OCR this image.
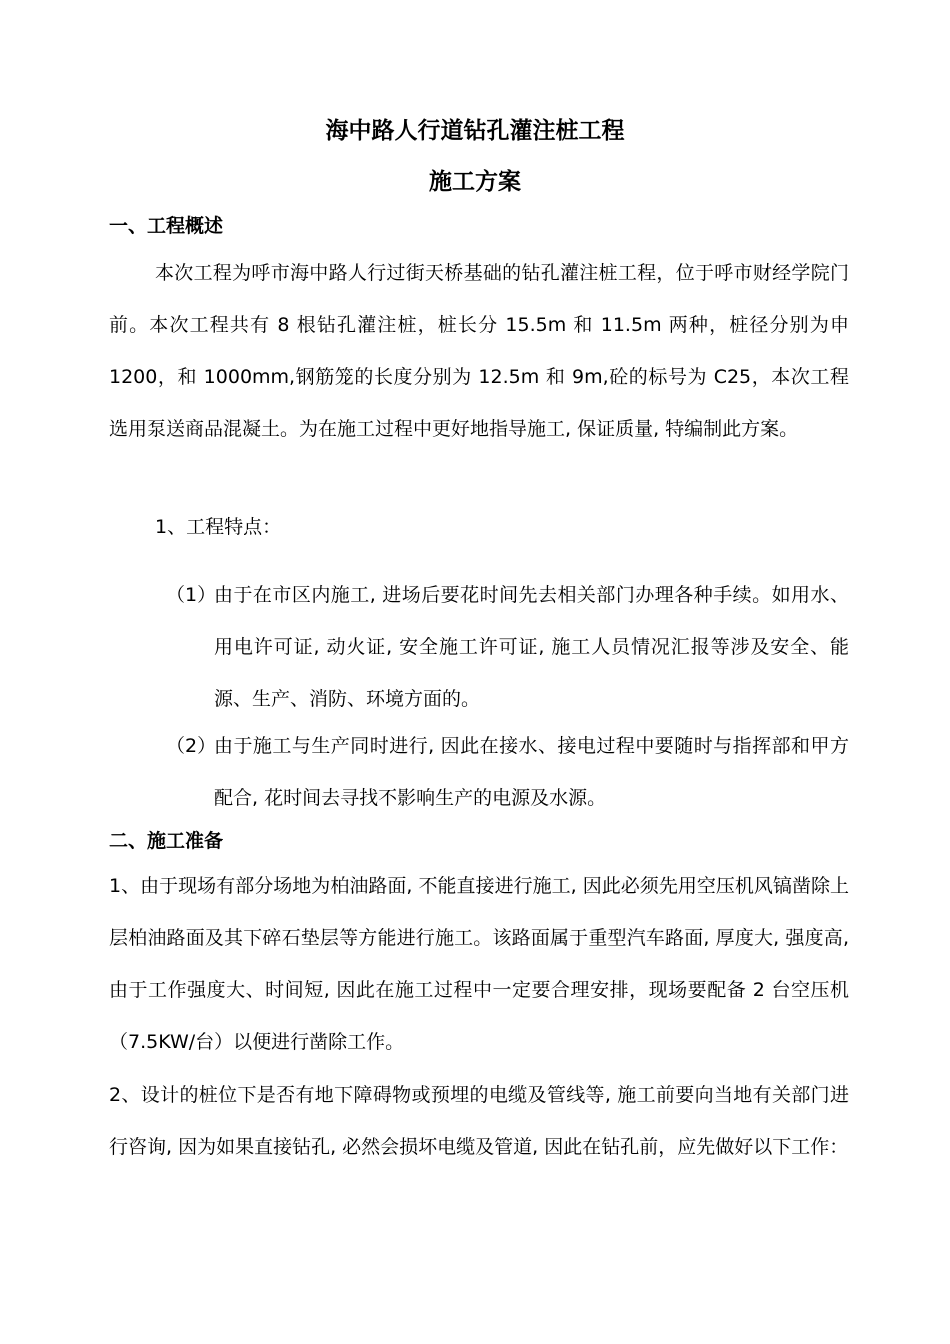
海中路人行道钻孔灌注桩工程
施工方案
一、工程概述
本次工程为呼市海中路人行过街天桥基础的钻孔灌注桩工程，位于呼市财经学院门前。本次工程共有 8 根钻孔灌注桩，桩长分 15.5m 和 11.5m 两种，桩径分别为申 1200，和 1000mm,钢筋笼的长度分别为 12.5m 和 9m,砼的标号为 C25，本次工程选用泵送商品混凝土。为在施工过程中更好地指导施工, 保证质量, 特编制此方案。
1、工程特点：
（1）
由于在市区内施工, 进场后要花时间先去相关部门办理各种手续。如用水、用电许可证, 动火证, 安全施工许可证, 施工人员情况汇报等涉及安全、能源、生产、消防、环境方面的。
（2）
由于施工与生产同时进行, 因此在接水、接电过程中要随时与指挥部和甲方配合, 花时间去寻找不影响生产的电源及水源。
二、施工准备
1、由于现场有部分场地为柏油路面, 不能直接进行施工, 因此必须先用空压机风镐凿除上层柏油路面及其下碎石垫层等方能进行施工。该路面属于重型汽车路面, 厚度大, 强度高, 由于工作强度大、时间短, 因此在施工过程中一定要合理安排，现场要配备 2 台空压机（7.5KW/台）以便进行凿除工作。
2、设计的桩位下是否有地下障碍物或预埋的电缆及管线等, 施工前要向当地有关部门进行咨询, 因为如果直接钻孔, 必然会损坏电缆及管道, 因此在钻孔前，应先做好以下工作：
